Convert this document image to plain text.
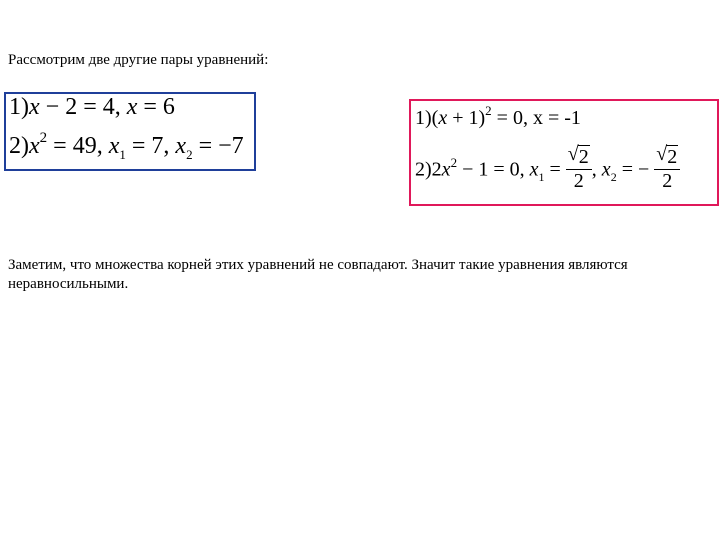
Рассмотрим две другие пары уравнений:

1)x − 2 = 4, x = 6
$2)x^2 = 49$, $x_1 = 7$, $x_2 = -7$
$1)(x + 1)^2 = 0$, x = -1
$2)2x^2 - 1 = 0$, $x_1 = \frac{√ 2}{2}$ , $x_2$ = − $\frac{√ 2}{2}$

Заметим, что множества корней этих уравнений не совпадают. Значит такие уравнения являются неравносильными.
